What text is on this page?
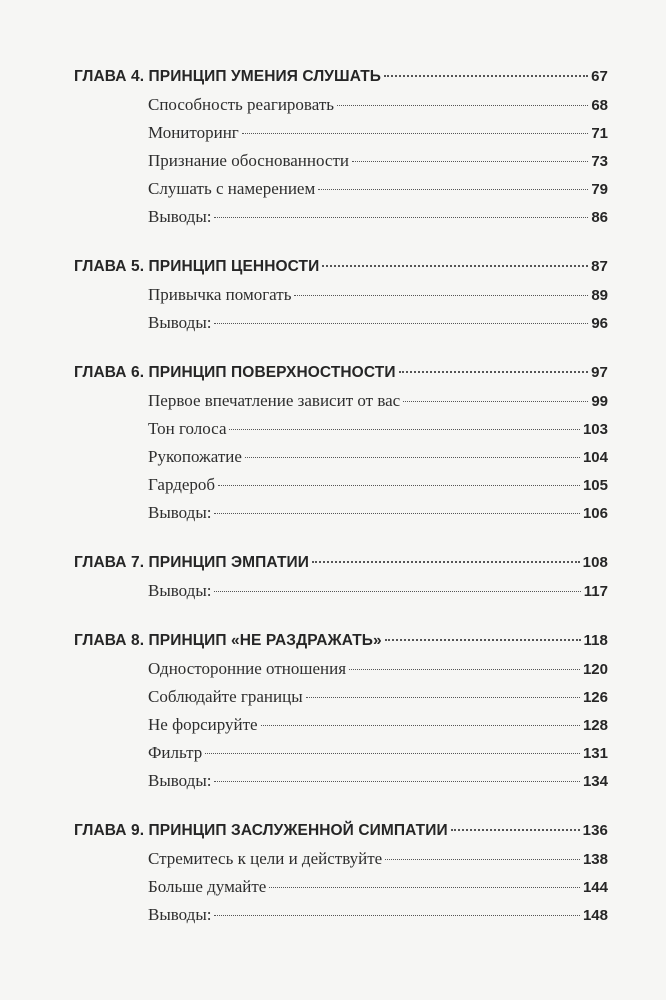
ГЛАВА 4. ПРИНЦИП УМЕНИЯ СЛУШАТЬ	67
Способность реагировать	68
Мониторинг	71
Признание обоснованности	73
Слушать с намерением	79
Выводы:	86
ГЛАВА 5. ПРИНЦИП ЦЕННОСТИ	87
Привычка помогать	89
Выводы:	96
ГЛАВА 6. ПРИНЦИП ПОВЕРХНОСТНОСТИ	97
Первое впечатление зависит от вас	99
Тон голоса	103
Рукопожатие	104
Гардероб	105
Выводы:	106
ГЛАВА 7. ПРИНЦИП ЭМПАТИИ	108
Выводы:	117
ГЛАВА 8. ПРИНЦИП «НЕ РАЗДРАЖАТЬ»	118
Односторонние отношения	120
Соблюдайте границы	126
Не форсируйте	128
Фильтр	131
Выводы:	134
ГЛАВА 9. ПРИНЦИП ЗАСЛУЖЕННОЙ СИМПАТИИ	136
Стремитесь к цели и действуйте	138
Больше думайте	144
Выводы:	148
